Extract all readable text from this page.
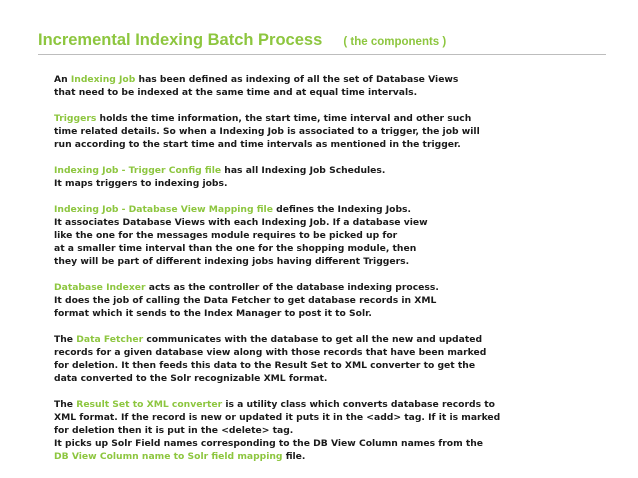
Incremental Indexing Batch Process ( the components )
An Indexing Job has been defined as indexing of all the set of Database Views
that need to be indexed at the same time and at equal time intervals.
Triggers holds the time information, the start time, time interval and other such
time related details. So when a Indexing Job is associated to a trigger, the job will
run according to the start time and time intervals as mentioned in the trigger.
Indexing Job - Trigger Config file has all Indexing Job Schedules.
It maps triggers to indexing jobs.
Indexing Job - Database View Mapping file defines the Indexing Jobs.
It associates Database Views with each Indexing Job. If a database view
like the one for the messages module requires to be picked up for
at a smaller time interval than the one for the shopping module, then
they will be part of different indexing jobs having different Triggers.
Database Indexer acts as the controller of the database indexing process.
It does the job of calling the Data Fetcher to get database records in XML
format which it sends to the Index Manager to post it to Solr.
The Data Fetcher communicates with the database to get all the new and updated
records for a given database view along with those records that have been marked
for deletion. It then feeds this data to the Result Set to XML converter to get the
data converted to the Solr recognizable XML format.
The Result Set to XML converter is a utility class which converts database records to
XML format. If the record is new or updated it puts it in the <add> tag. If it is marked
for deletion then it is put in the <delete> tag.
It picks up Solr Field names corresponding to the DB View Column names from the
DB View Column name to Solr field mapping file.
